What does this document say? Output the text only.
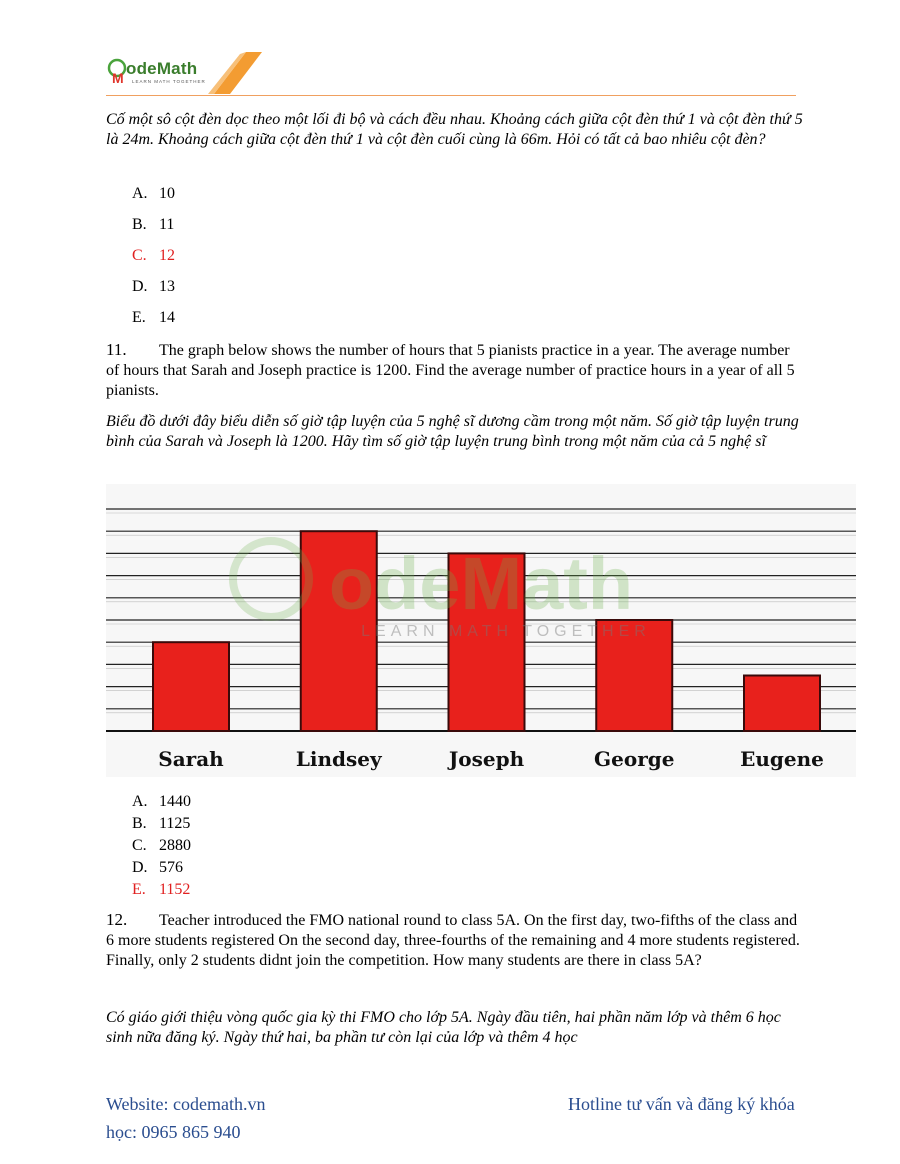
M odeMath
LEARN MATH TOGETHER
Cố một sô cột đèn dọc theo một lối đi bộ và cách đều nhau. Khoảng cách giữa cột đèn thứ 1 và cột đèn thứ 5 là 24m. Khoảng cách giữa cột đèn thứ 1 và cột đèn cuối cùng là 66m. Hỏi có tất cả bao nhiêu cột đèn?
A. 10
B. 11
C. 12
D. 13
E. 14
11. The graph below shows the number of hours that 5 pianists practice in a year. The average number of hours that Sarah and Joseph practice is 1200. Find the average number of practice hours in a year of all 5 pianists.
Biểu đồ dưới đây biểu diễn số giờ tập luyện của 5 nghệ sĩ dương cầm trong một năm. Số giờ tập luyện trung bình của Sarah và Joseph là 1200. Hãy tìm số giờ tập luyện trung bình trong một năm của cả 5 nghệ sĩ
Sarah	Lindsey	Joseph	George	Eugene
odeMath
LEARN MATH TOGETHER
A. 1440
B. 1125
C. 2880
D. 576
E. 1152
12. Teacher introduced the FMO national round to class 5A. On the first day, two-fifths of the class and 6 more students registered On the second day, three-fourths of the remaining and 4 more students registered. Finally, only 2 students didnt join the competition. How many students are there in class 5A?
Có giáo giới thiệu vòng quốc gia kỳ thi FMO cho lớp 5A. Ngày đầu tiên, hai phần năm lớp và thêm 6 học sinh nữa đăng ký. Ngày thứ hai, ba phần tư còn lại của lớp và thêm 4 học
Website: codemath.vn
học: 0965 865 940
Hotline tư vấn và đăng ký khóa
